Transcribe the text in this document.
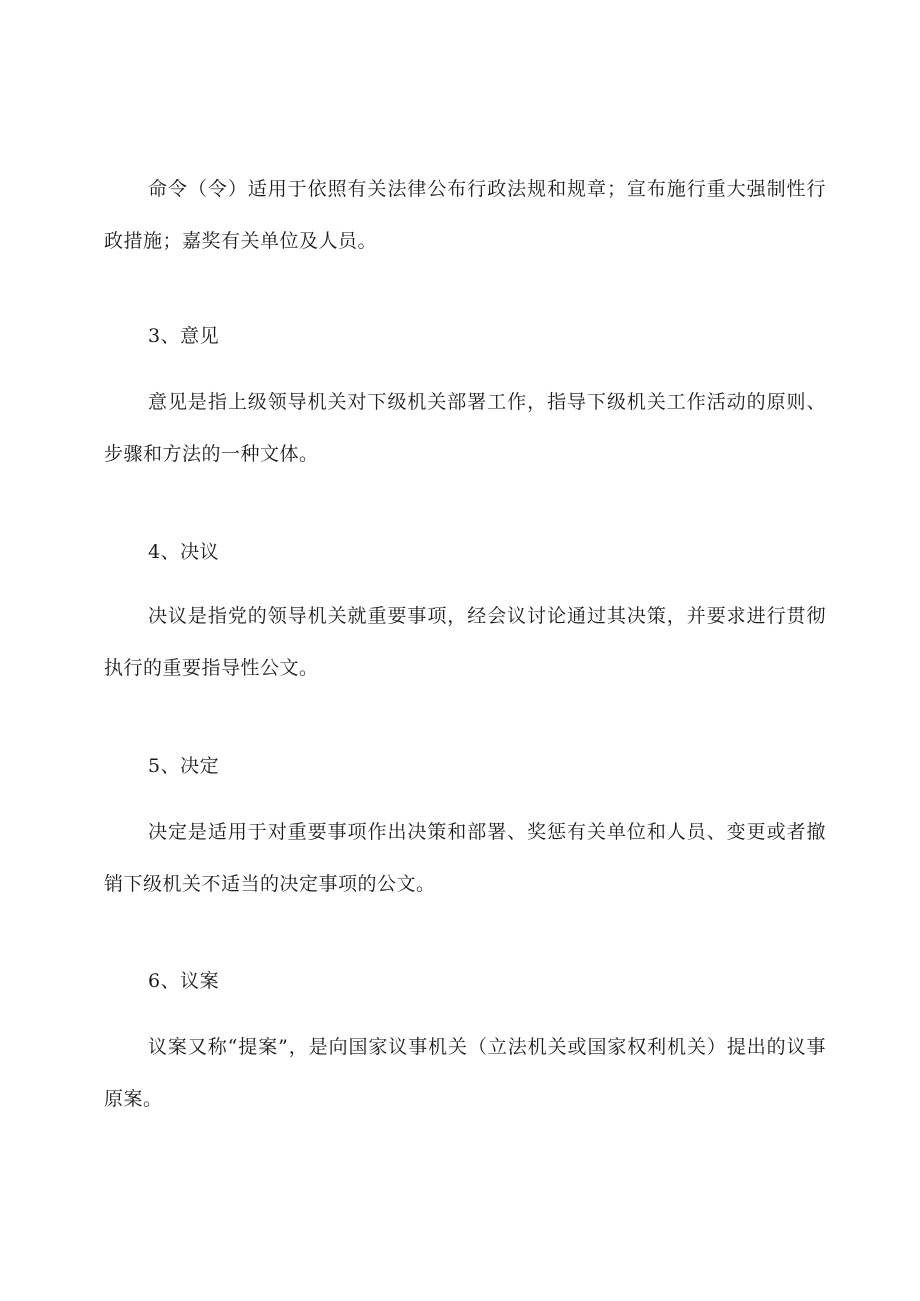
命令（令）适用于依照有关法律公布行政法规和规章；宣布施行重大强制性行政措施；嘉奖有关单位及人员。

3、意见

意见是指上级领导机关对下级机关部署工作，指导下级机关工作活动的原则、步骤和方法的一种文体。

4、决议

决议是指党的领导机关就重要事项，经会议讨论通过其决策，并要求进行贯彻执行的重要指导性公文。

5、决定

决定是适用于对重要事项作出决策和部署、奖惩有关单位和人员、变更或者撤销下级机关不适当的决定事项的公文。

6、议案

议案又称“提案”，是向国家议事机关（立法机关或国家权利机关）提出的议事原案。
